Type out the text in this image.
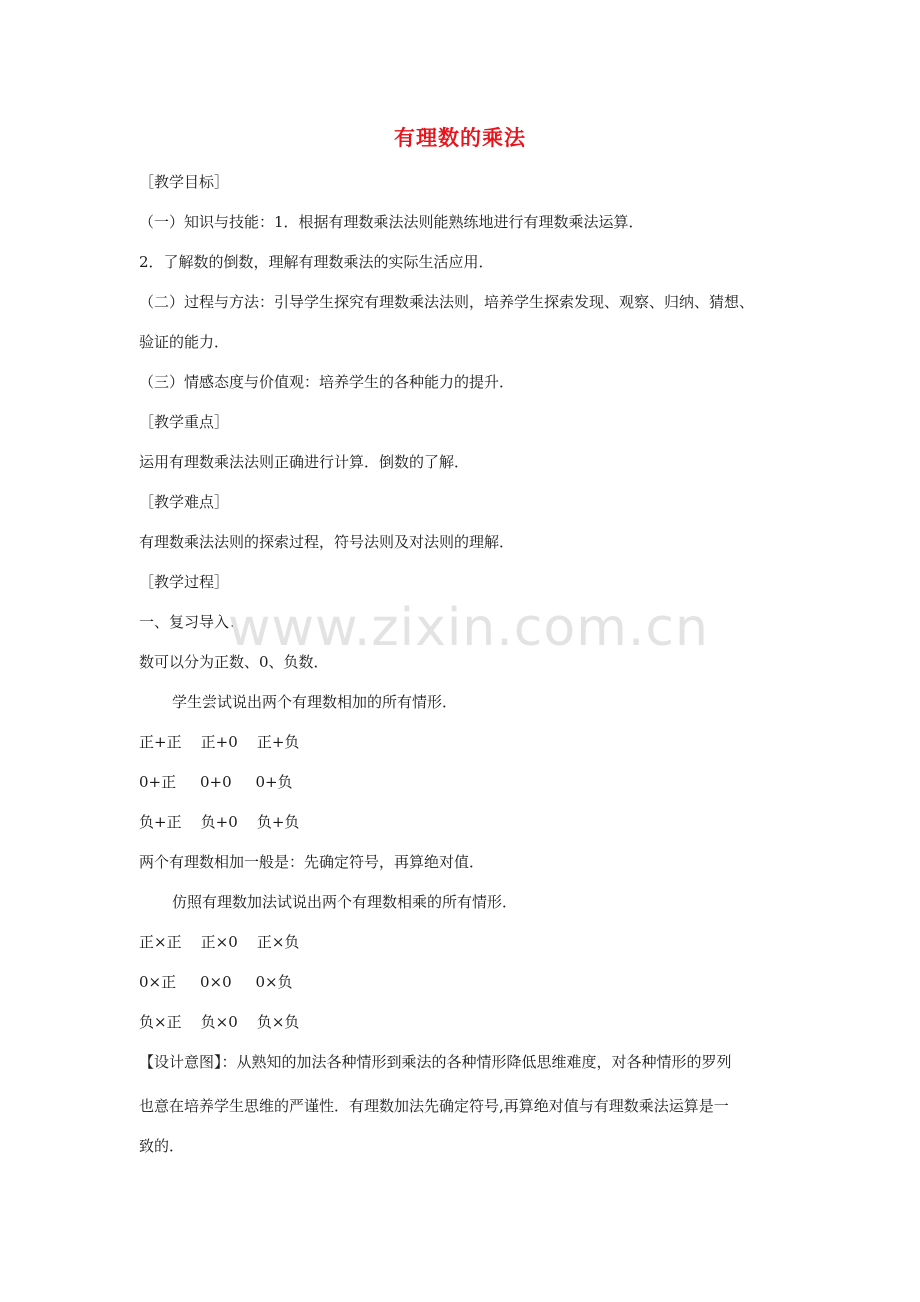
有理数的乘法
［教学目标］
（一）知识与技能：1．根据有理数乘法法则能熟练地进行有理数乘法运算．
2．了解数的倒数，理解有理数乘法的实际生活应用．
（二）过程与方法：引导学生探究有理数乘法法则，培养学生探索发现、观察、归纳、猜想、
验证的能力．
（三）情感态度与价值观：培养学生的各种能力的提升．
［教学重点］
运用有理数乘法法则正确进行计算．倒数的了解．
［教学难点］
有理数乘法法则的探索过程，符号法则及对法则的理解．
［教学过程］
一、复习导入：
数可以分为正数、0、负数．
学生尝试说出两个有理数相加的所有情形．
正+正    正+0    正+负
0+正     0+0     0+负
负+正    负+0    负+负
两个有理数相加一般是：先确定符号，再算绝对值．
仿照有理数加法试说出两个有理数相乘的所有情形．
正×正    正×0    正×负
0×正     0×0     0×负
负×正    负×0    负×负
【设计意图】：从熟知的加法各种情形到乘法的各种情形降低思维难度，对各种情形的罗列
也意在培养学生思维的严谨性．有理数加法先确定符号,再算绝对值与有理数乘法运算是一
致的．
www.zixin.com.cn
